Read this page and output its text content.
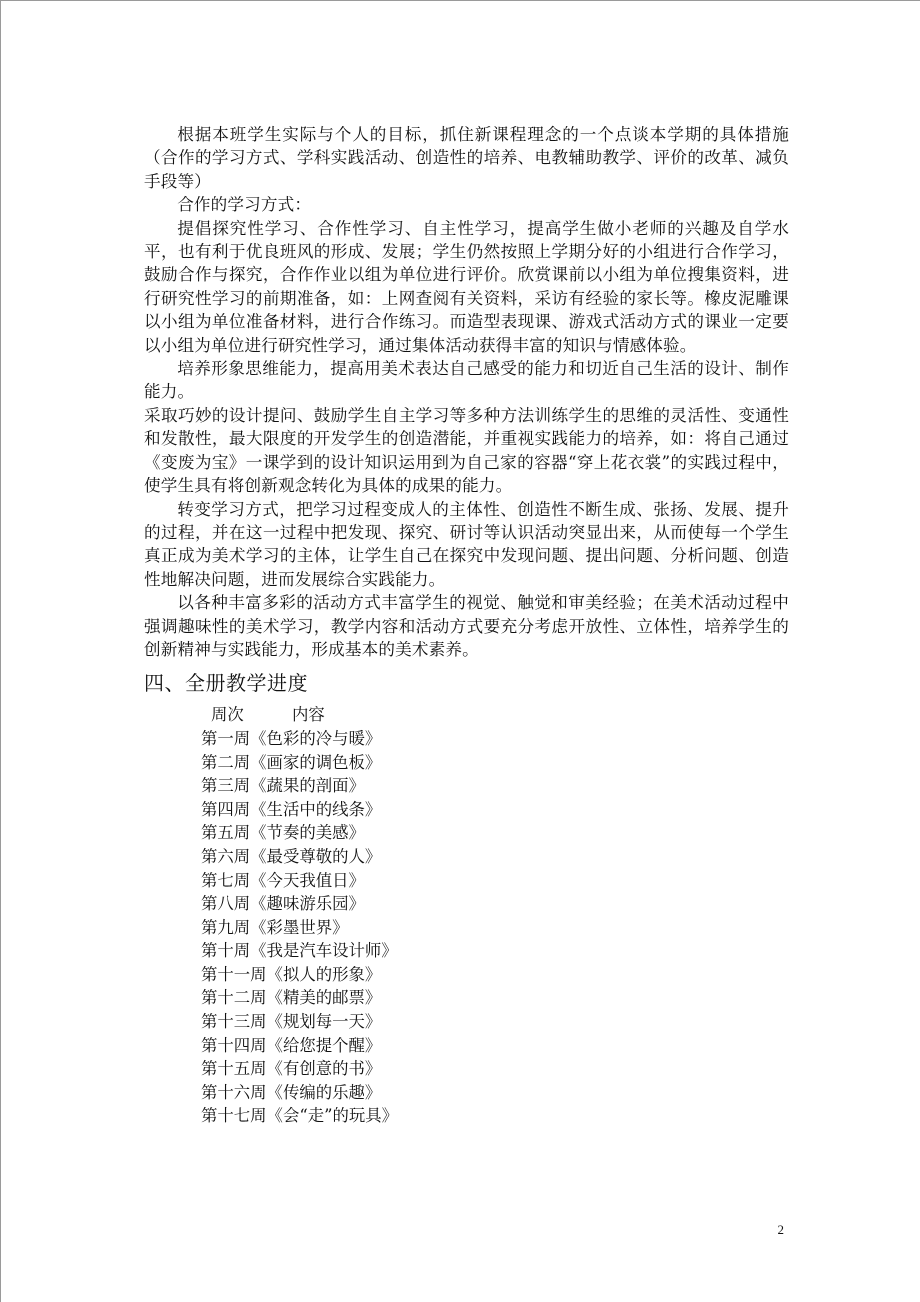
根据本班学生实际与个人的目标，抓住新课程理念的一个点谈本学期的具体措施（合作的学习方式、学科实践活动、创造性的培养、电教辅助教学、评价的改革、减负手段等）

合作的学习方式：

提倡探究性学习、合作性学习、自主性学习，提高学生做小老师的兴趣及自学水平，也有利于优良班风的形成、发展；学生仍然按照上学期分好的小组进行合作学习，鼓励合作与探究，合作作业以组为单位进行评价。欣赏课前以小组为单位搜集资料，进行研究性学习的前期准备，如：上网查阅有关资料，采访有经验的家长等。橡皮泥雕课以小组为单位准备材料，进行合作练习。而造型表现课、游戏式活动方式的课业一定要以小组为单位进行研究性学习，通过集体活动获得丰富的知识与情感体验。

培养形象思维能力，提高用美术表达自己感受的能力和切近自己生活的设计、制作能力。

采取巧妙的设计提问、鼓励学生自主学习等多种方法训练学生的思维的灵活性、变通性和发散性，最大限度的开发学生的创造潜能，并重视实践能力的培养，如：将自己通过《变废为宝》一课学到的设计知识运用到为自己家的容器“穿上花衣裳”的实践过程中，使学生具有将创新观念转化为具体的成果的能力。

转变学习方式，把学习过程变成人的主体性、创造性不断生成、张扬、发展、提升的过程，并在这一过程中把发现、探究、研讨等认识活动突显出来，从而使每一个学生真正成为美术学习的主体，让学生自己在探究中发现问题、提出问题、分析问题、创造性地解决问题，进而发展综合实践能力。

以各种丰富多彩的活动方式丰富学生的视觉、触觉和审美经验；在美术活动过程中强调趣味性的美术学习，教学内容和活动方式要充分考虑开放性、立体性，培养学生的创新精神与实践能力，形成基本的美术素养。

四、全册教学进度
周次	内容
第一周《色彩的冷与暖》
第二周《画家的调色板》
第三周《蔬果的剖面》
第四周《生活中的线条》
第五周《节奏的美感》
第六周《最受尊敬的人》
第七周《今天我值日》
第八周《趣味游乐园》
第九周《彩墨世界》
第十周《我是汽车设计师》
第十一周《拟人的形象》
第十二周《精美的邮票》
第十三周《规划每一天》
第十四周《给您提个醒》
第十五周《有创意的书》
第十六周《传编的乐趣》
第十七周《会“走”的玩具》
2
